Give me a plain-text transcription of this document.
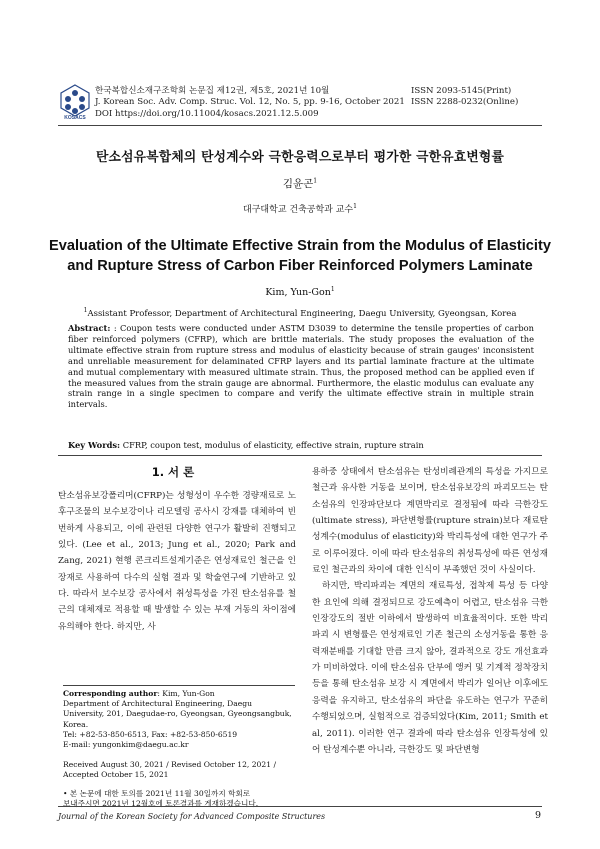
KOSACS
한국복합신소재구조학회 논문집 제12권, 제5호, 2021년 10월
J. Korean Soc. Adv. Comp. Struc. Vol. 12, No. 5, pp. 9-16, October 2021
DOI https://doi.org/10.11004/kosacs.2021.12.5.009
ISSN 2093-5145(Print)
ISSN 2288-0232(Online)
탄소섬유복합체의 탄성계수와 극한응력으로부터 평가한 극한유효변형률
김윤곤$^1$
대구대학교 건축공학과 교수$^1$
Evaluation of the Ultimate Effective Strain from the Modulus of Elasticity
and Rupture Stress of Carbon Fiber Reinforced Polymers Laminate
Kim, Yun-Gon$^1$
$^1$Assistant Professor, Department of Architectural Engineering, Daegu University, Gyeongsan, Korea
Abstract: : Coupon tests were conducted under ASTM D3039 to determine the tensile properties of carbon fiber reinforced polymers (CFRP), which are brittle materials. The study proposes the evaluation of the ultimate effective strain from rupture stress and modulus of elasticity because of strain gauges' inconsistent and unreliable measurement for delaminated CFRP layers and its partial laminate fracture at the ultimate and mutual complementary with measured ultimate strain. Thus, the proposed method can be applied even if the measured values from the strain gauge are abnormal. Furthermore, the elastic modulus can evaluate any strain range in a single specimen to compare and verify the ultimate effective strain in multiple strain intervals.
Key Words: CFRP, coupon test, modulus of elasticity, effective strain, rupture strain
1. 서 론

탄소섬유보강폴리머(CFRP)는 성형성이 우수한 경량재료로 노후구조물의 보수보강이나 리모델링 공사시 강재를 대체하여 빈번하게 사용되고, 이에 관련된 다양한 연구가 활발히 진행되고 있다. (Lee et al., 2013; Jung et al., 2020; Park and Zang, 2021) 현행 콘크리트설계기준은 연성재료인 철근을 인장재로 사용하여 다수의 실험 결과 및 학술연구에 기반하고 있다. 따라서 보수보강 공사에서 취성특성을 가진 탄소섬유를 철근의 대체재로 적용할 때 발생할 수 있는 부재 거동의 차이점에 유의해야 한다. 하지만, 사

용하중 상태에서 탄소섬유는 탄성비례관계의 특성을 가지므로 철근과 유사한 거동을 보이며, 탄소섬유보강의 파괴모드는 탄소섬유의 인장파단보다 계면박리로 결정됨에 따라 극한강도(ultimate stress), 파단변형률(rupture strain)보다 재료탄성계수(modulus of elasticity)와 박리특성에 대한 연구가 주로 이루어졌다. 이에 따라 탄소섬유의 취성특성에 따른 연성재료인 철근과의 차이에 대한 인식이 부족했던 것이 사실이다.

하지만, 박리파괴는 계면의 재료특성, 접착제 특성 등 다양한 요인에 의해 결정되므로 강도예측이 어렵고, 탄소섬유 극한인장강도의 절반 이하에서 발생하여 비효율적이다. 또한 박리파괴 시 변형률은 연성재료인 기존 철근의 소성거동을 통한 응력재분배를 기대할 만큼 크지 않아, 결과적으로 강도 개선효과가 미비하였다. 이에 탄소섬유 단부에 앵커 및 기계적 정착장치 등을 통해 탄소섬유 보강 시 계면에서 박리가 일어난 이후에도 응력을 유지하고, 탄소섬유의 파단을 유도하는 연구가 꾸준히 수행되었으며, 실험적으로 검증되었다(Kim, 2011; Smith et al, 2011). 이러한 연구 결과에 따라 탄소섬유 인장특성에 있어 탄성계수뿐 아니라, 극한강도 및 파단변형

Corresponding author: Kim, Yun-Gon
Department of Architectural Engineering, Daegu University, 201, Daegudae-ro, Gyeongsan, Gyeongsangbuk, Korea.
Tel: +82-53-850-6513, Fax: +82-53-850-6519
E-mail: yungonkim@daegu.ac.kr
Received August 30, 2021 / Revised October 12, 2021 /
Accepted October 15, 2021
• 본 논문에 대한 토의를 2021년 11월 30일까지 학회로
보내주시면 2021년 12월호에 토론결과를 게재하겠습니다.
Journal of the Korean Society for Advanced Composite Structures	9
